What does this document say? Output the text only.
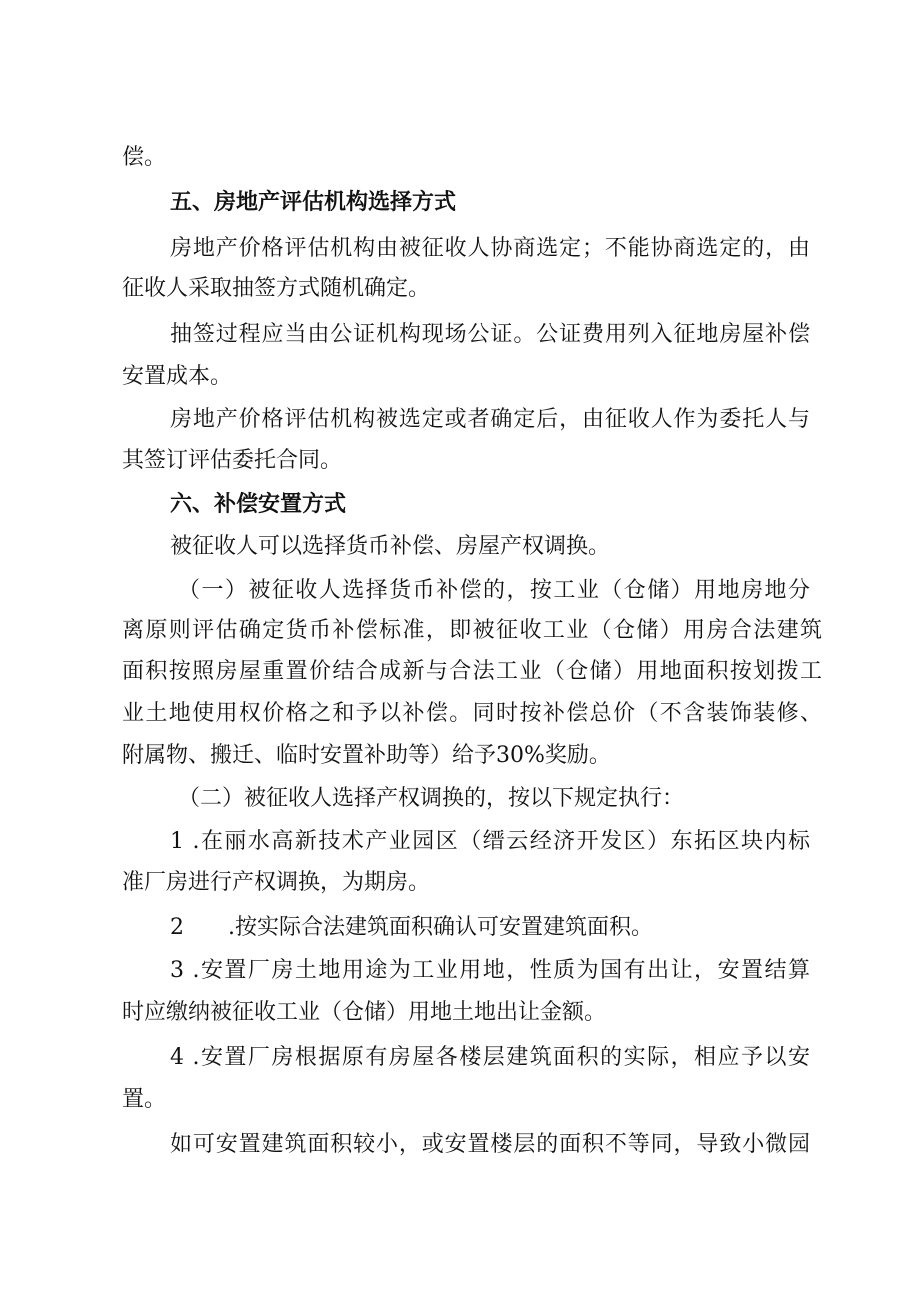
偿。
五、房地产评估机构选择方式
房地产价格评估机构由被征收人协商选定；不能协商选定的，由
征收人采取抽签方式随机确定。
抽签过程应当由公证机构现场公证。公证费用列入征地房屋补偿
安置成本。
房地产价格评估机构被选定或者确定后，由征收人作为委托人与
其签订评估委托合同。
六、补偿安置方式
被征收人可以选择货币补偿、房屋产权调换。
（一）被征收人选择货币补偿的，按工业（仓储）用地房地分
离原则评估确定货币补偿标准，即被征收工业（仓储）用房合法建筑
面积按照房屋重置价结合成新与合法工业（仓储）用地面积按划拨工
业土地使用权价格之和予以补偿。同时按补偿总价（不含装饰装修、
附属物、搬迁、临时安置补助等）给予30%奖励。
（二）被征收人选择产权调换的，按以下规定执行：
1 .在丽水高新技术产业园区（缙云经济开发区）东拓区块内标
准厂房进行产权调换，为期房。
2　　.按实际合法建筑面积确认可安置建筑面积。
3 .安置厂房土地用途为工业用地，性质为国有出让，安置结算
时应缴纳被征收工业（仓储）用地土地出让金额。
4 .安置厂房根据原有房屋各楼层建筑面积的实际，相应予以安
置。
如可安置建筑面积较小，或安置楼层的面积不等同，导致小微园
